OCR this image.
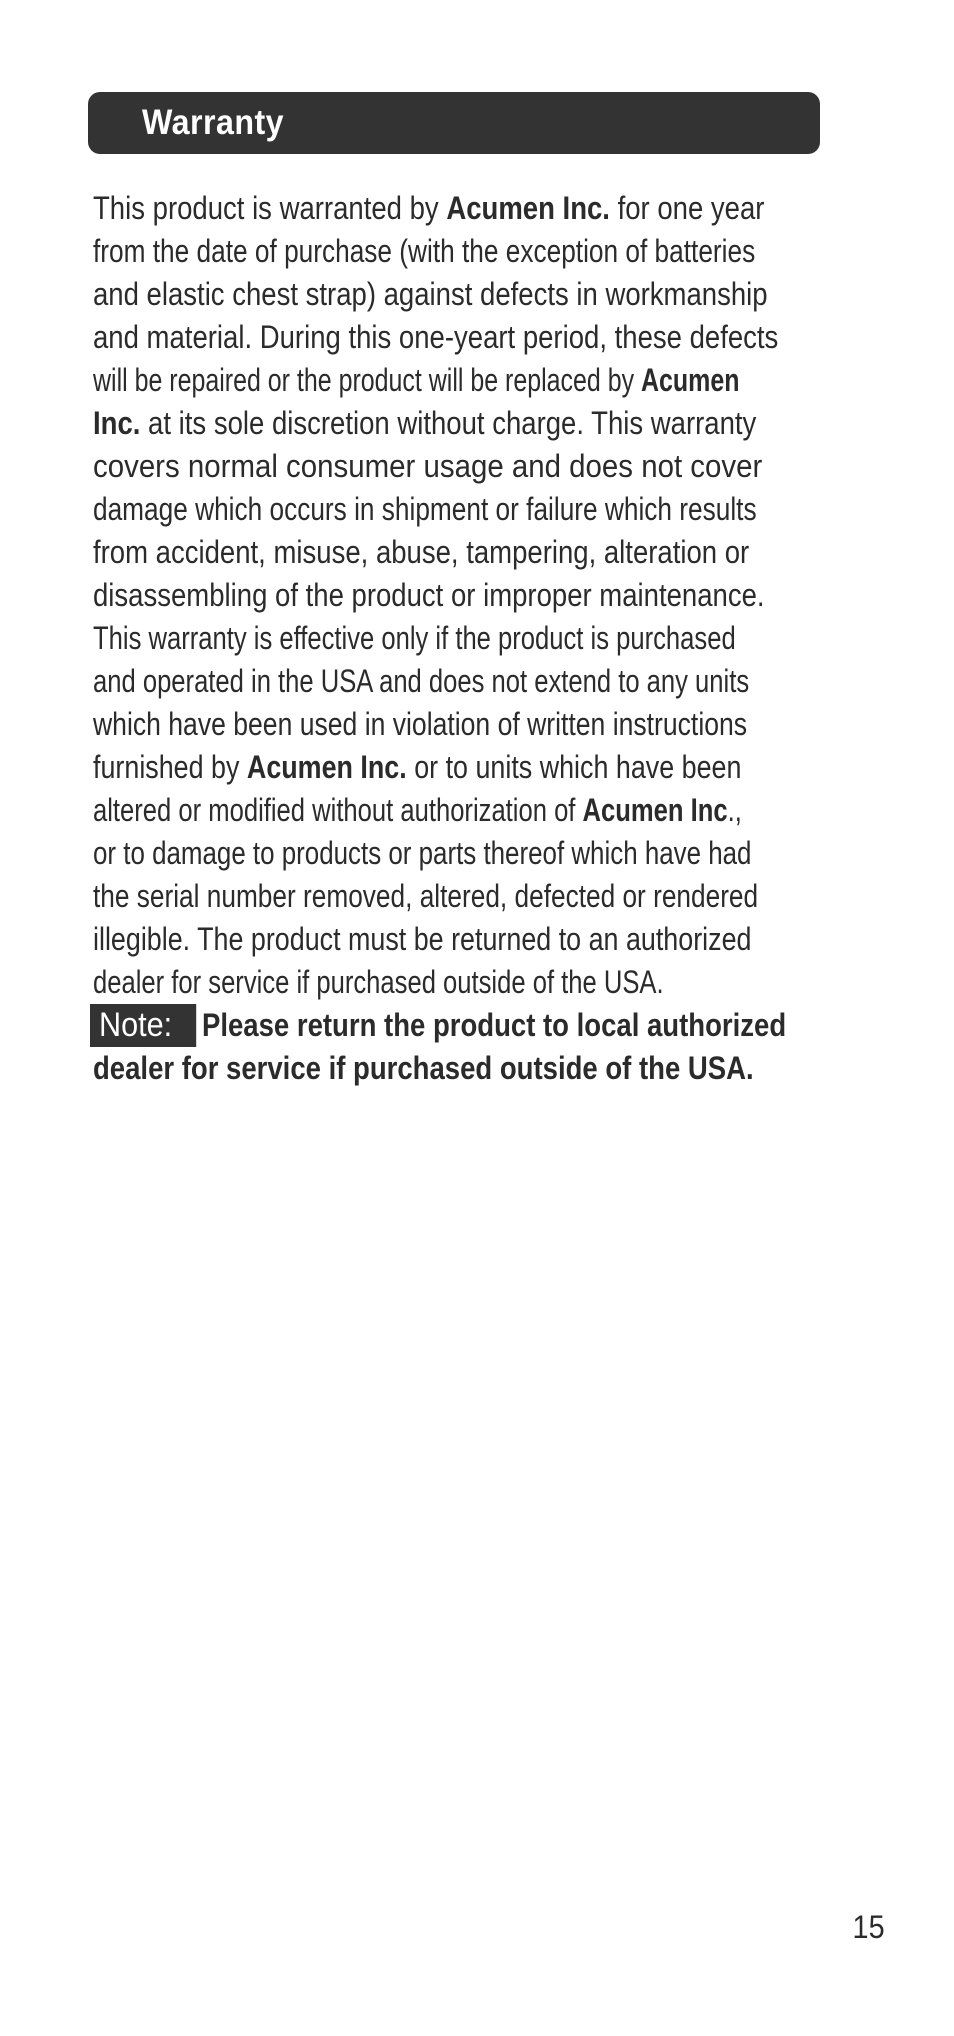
Warranty
This product is warranted by Acumen Inc. for one year
from the date of purchase (with the exception of batteries
and elastic chest strap) against defects in workmanship
and material. During this one-yeart period, these defects
will be repaired or the product will be replaced by Acumen
Inc. at its sole discretion without charge. This warranty
covers normal consumer usage and does not cover
damage which occurs in shipment or failure which results
from accident, misuse, abuse, tampering, alteration or
disassembling of the product or improper maintenance.
This warranty is effective only if the product is purchased
and operated in the USA and does not extend to any units
which have been used in violation of written instructions
furnished by Acumen Inc. or to units which have been
altered or modified without authorization of Acumen Inc.,
or to damage to products or parts thereof which have had
the serial number removed, altered, defected or rendered
illegible. The product must be returned to an authorized
dealer for service if purchased outside of the USA.
Note: Please return the product to local authorized
dealer for service if purchased outside of the USA.
15
